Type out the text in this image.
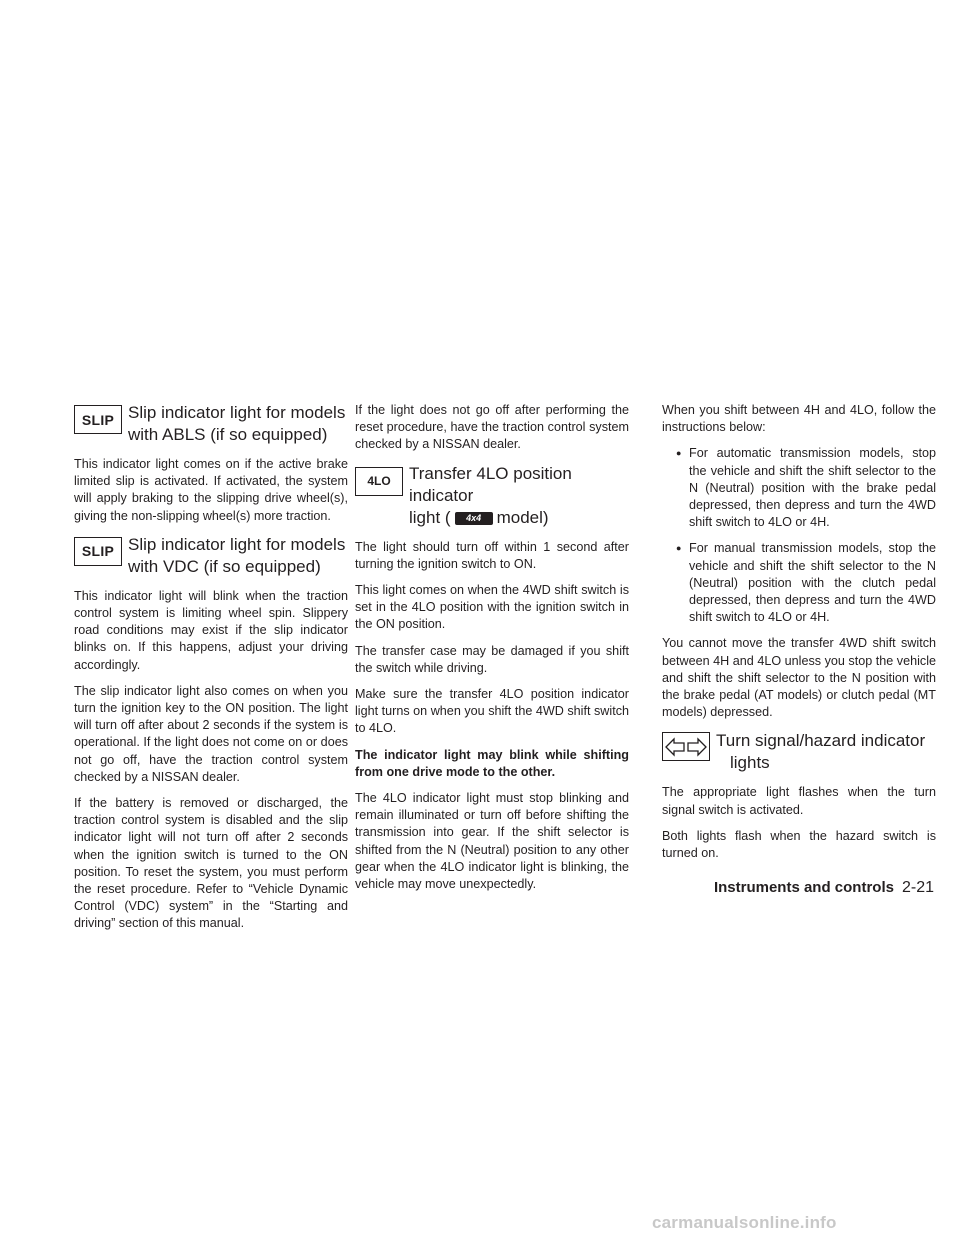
SLIP Slip indicator light for models
with ABLS (if so equipped)

This indicator light comes on if the active brake limited slip is activated. If activated, the system will apply braking to the slipping drive wheel(s), giving the non-slipping wheel(s) more traction.

SLIP Slip indicator light for models
with VDC (if so equipped)

This indicator light will blink when the traction control system is limiting wheel spin. Slippery road conditions may exist if the slip indicator blinks on. If this happens, adjust your driving accordingly.

The slip indicator light also comes on when you turn the ignition key to the ON position. The light will turn off after about 2 seconds if the system is operational. If the light does not come on or does not go off, have the traction control system checked by a NISSAN dealer.

If the battery is removed or discharged, the traction control system is disabled and the slip indicator light will not turn off after 2 seconds when the ignition switch is turned to the ON position. To reset the system, you must perform the reset procedure. Refer to “Vehicle Dynamic Control (VDC) system” in the “Starting and driving” section of this manual.

If the light does not go off after performing the reset procedure, have the traction control system checked by a NISSAN dealer.

4LO	Transfer 4LO position indicator
light ( 4x4 model)

The light should turn off within 1 second after turning the ignition switch to ON.

This light comes on when the 4WD shift switch is set in the 4LO position with the ignition switch in the ON position.

The transfer case may be damaged if you shift the switch while driving.

Make sure the transfer 4LO position indicator light turns on when you shift the 4WD shift switch to 4LO.

The indicator light may blink while shifting from one drive mode to the other.

The 4LO indicator light must stop blinking and remain illuminated or turn off before shifting the transmission into gear. If the shift selector is shifted from the N (Neutral) position to any other gear when the 4LO indicator light is blinking, the vehicle may move unexpectedly.

When you shift between 4H and 4LO, follow the instructions below:

● For automatic transmission models, stop the vehicle and shift the shift selector to the N (Neutral) position with the brake pedal depressed, then depress and turn the 4WD shift switch to 4LO or 4H.
● For manual transmission models, stop the vehicle and shift the shift selector to the N (Neutral) position with the clutch pedal depressed, then depress and turn the 4WD shift switch to 4LO or 4H.

You cannot move the transfer 4WD shift switch between 4H and 4LO unless you stop the vehicle and shift the shift selector to the N position with the brake pedal (AT models) or clutch pedal (MT models) depressed.

Turn signal/hazard indicator
lights

The appropriate light flashes when the turn signal switch is activated.

Both lights flash when the hazard switch is turned on.

Instruments and controls 2-21
carmanualsonline.info
